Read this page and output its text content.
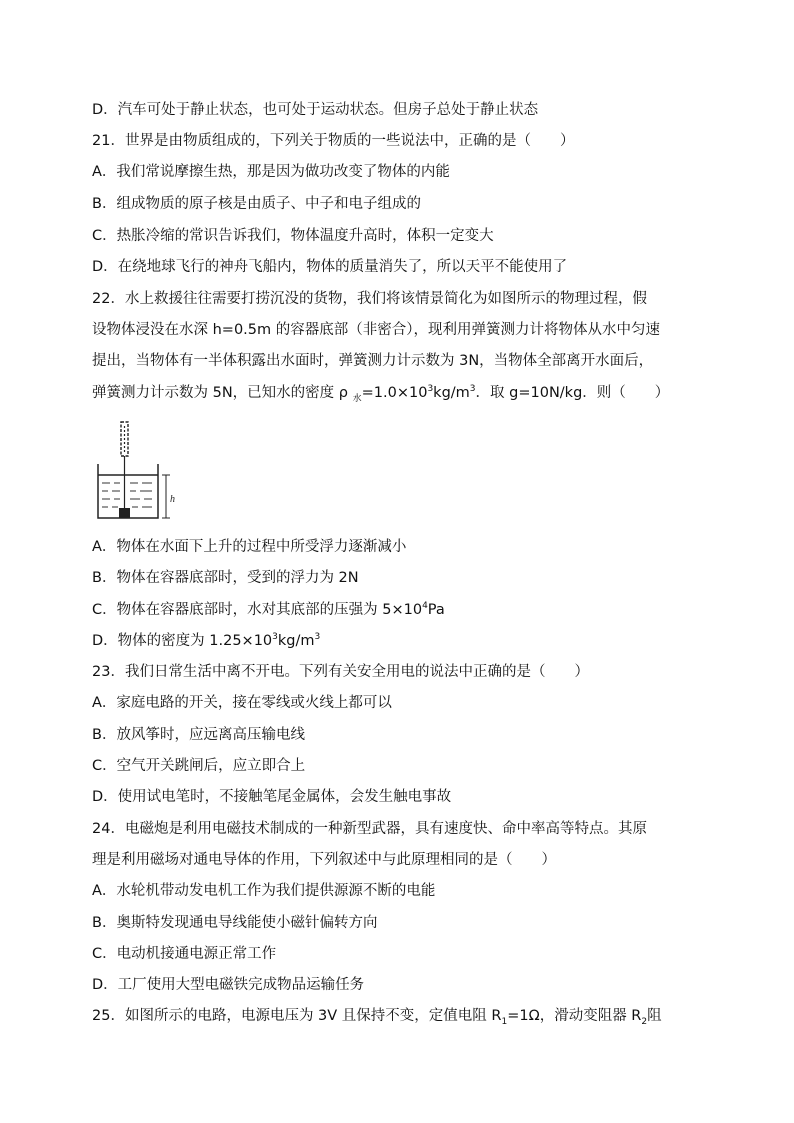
D．汽车可处于静止状态，也可处于运动状态。但房子总处于静止状态

21．世界是由物质组成的，下列关于物质的一些说法中，正确的是（　　）

A．我们常说摩擦生热，那是因为做功改变了物体的内能

B．组成物质的原子核是由质子、中子和电子组成的

C．热胀冷缩的常识告诉我们，物体温度升高时，体积一定变大

D．在绕地球飞行的神舟飞船内，物体的质量消失了，所以天平不能使用了

22．水上救援往往需要打捞沉没的货物，我们将该情景简化为如图所示的物理过程，假

设物体浸没在水深 h=0.5m 的容器底部（非密合），现利用弹簧测力计将物体从水中匀速

提出，当物体有一半体积露出水面时，弹簧测力计示数为 3N，当物体全部离开水面后，

弹簧测力计示数为 5N，已知水的密度 ρ $_水=1.0\times 10^3kg/m^3$．取 g=10N/kg．则（　　）

h

A．物体在水面下上升的过程中所受浮力逐渐减小

B．物体在容器底部时，受到的浮力为 2N

C．物体在容器底部时，水对其底部的压强为 $5\times 10^4Pa$

D．物体的密度为 $1.25\times 10^3kg/m^3$

23．我们日常生活中离不开电。下列有关安全用电的说法中正确的是（　　）

A．家庭电路的开关，接在零线或火线上都可以

B．放风筝时，应远离高压输电线

C．空气开关跳闸后，应立即合上

D．使用试电笔时，不接触笔尾金属体，会发生触电事故

24．电磁炮是利用电磁技术制成的一种新型武器，具有速度快、命中率高等特点。其原

理是利用磁场对通电导体的作用，下列叙述中与此原理相同的是（　　）

A．水轮机带动发电机工作为我们提供源源不断的电能

B．奥斯特发现通电导线能使小磁针偏转方向

C．电动机接通电源正常工作

D．工厂使用大型电磁铁完成物品运输任务

25．如图所示的电路，电源电压为 3V 且保持不变，定值电阻 $R_1=1\Omega$，滑动变阻器 $R_2$阻
